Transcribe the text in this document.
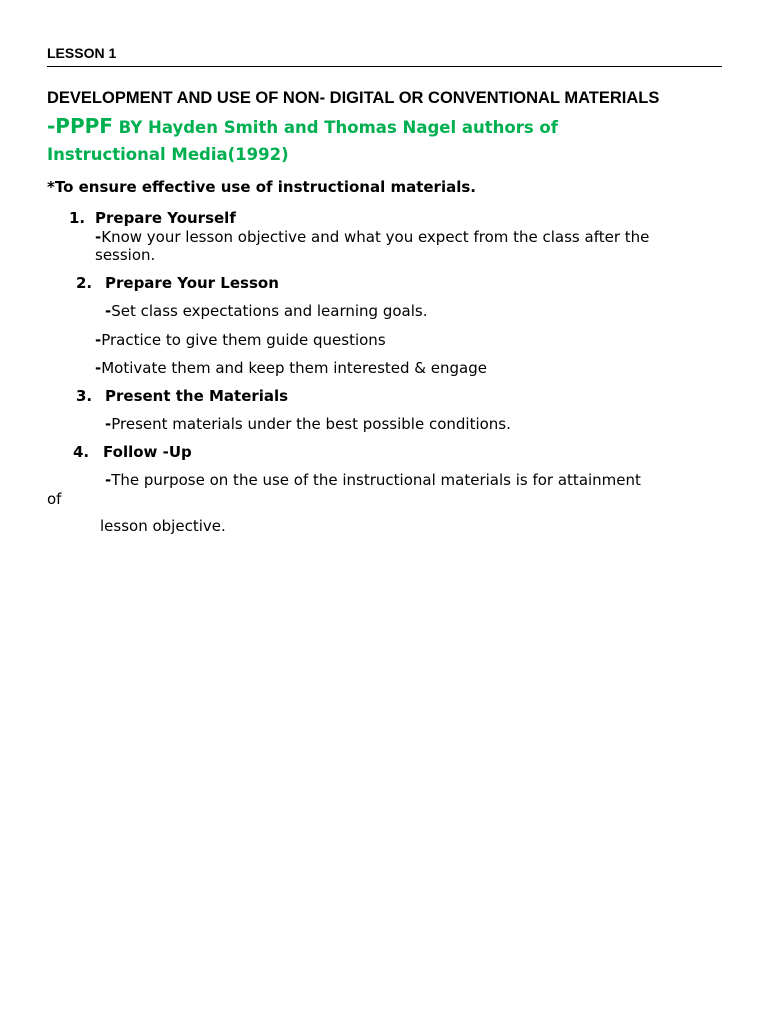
LESSON 1
DEVELOPMENT AND USE OF NON- DIGITAL OR CONVENTIONAL MATERIALS
-PPPF BY Hayden Smith and Thomas Nagel authors of
Instructional Media(1992)
*To ensure effective use of instructional materials.
1. Prepare Yourself
-Know your lesson objective and what you expect from the class after the
session.
2. Prepare Your Lesson
-Set class expectations and learning goals.
-Practice to give them guide questions
-Motivate them and keep them interested & engage
3. Present the Materials
-Present materials under the best possible conditions.
4. Follow -Up
-The purpose on the use of the instructional materials is for attainment
of
lesson objective.
